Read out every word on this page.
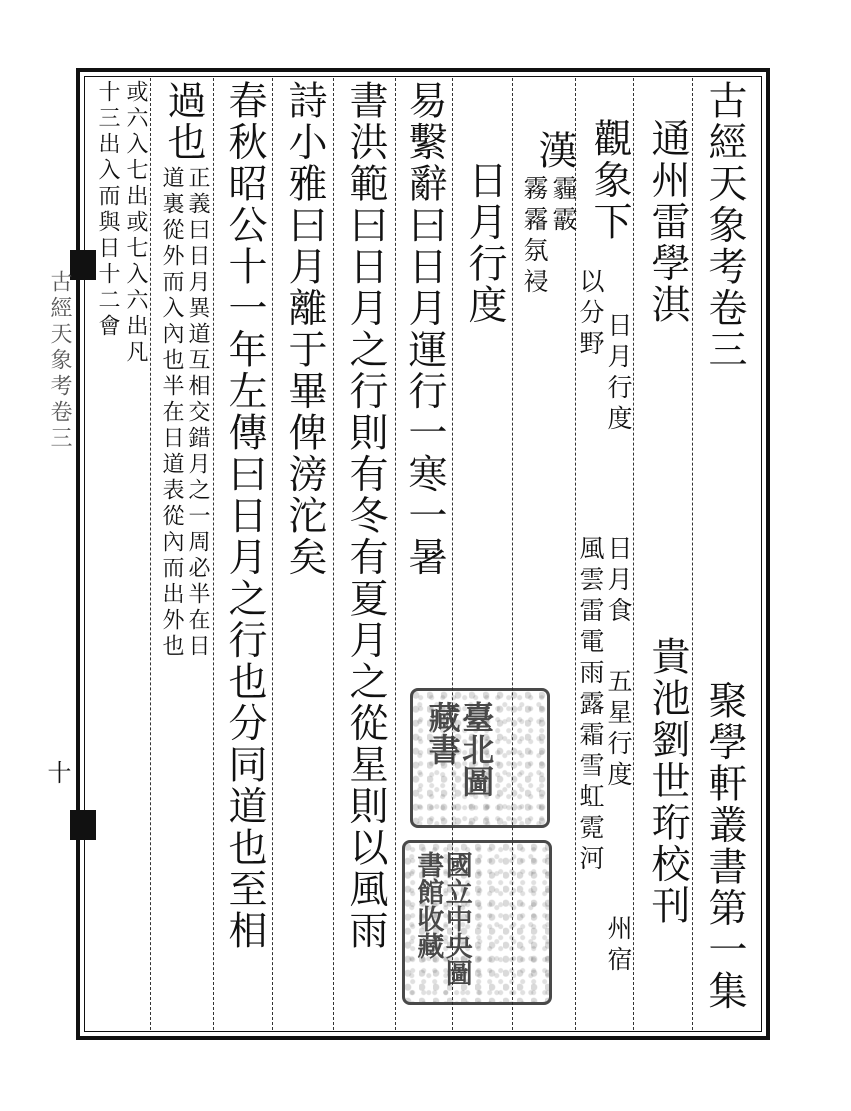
古經天象考卷三
十
古經天象考卷三
聚學軒叢書第一集
通州雷學淇
貴池劉世珩校刊
觀象下
日月行度
以分野
日月食
五星行度
州宿
風雲雷電雨露霜雪虹霓河
漢
霾霰
霧霿氛祲
日月行度
易繫辭曰日月運行一寒一暑
書洪範曰日月之行則有冬有夏月之從星則以風雨
詩小雅曰月離于畢俾滂沱矣
春秋昭公十一年左傳曰日月之行也分同道也至相
過也
正義曰日月異道互相交錯月之一周必半在日
道裏從外而入內也半在日道表從內而出外也
或六入七出或七入六出凡
十三出入而與日十二會
臺北圖藏書
國立中央圖書館收藏
